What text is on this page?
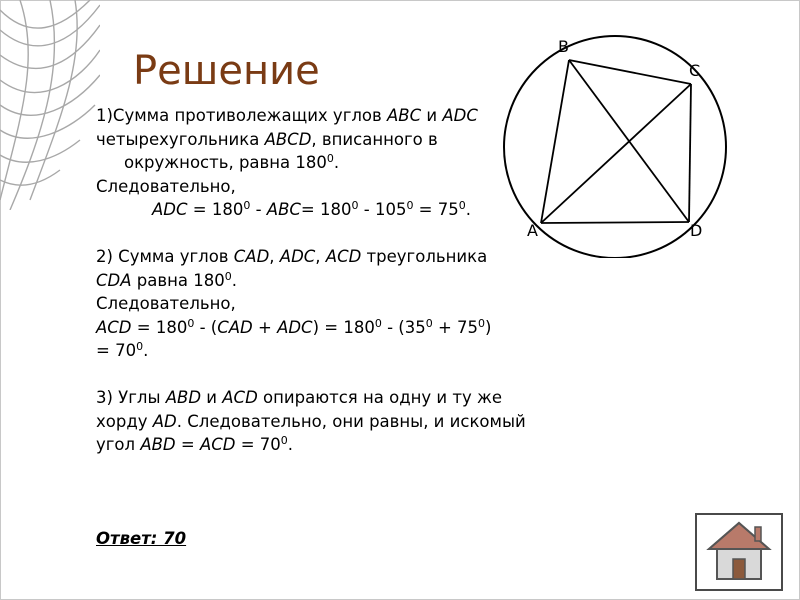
Решение

1)Сумма противолежащих углов ABC и ADC

четырехугольника ABCD, вписанного в

окружность, равна $180^0$.

Следовательно,

ADC = $180^0 - ABC= 180^0 - 105^0 = 75^0$.

2) Сумма углов CAD, ADC, ACD треугольника

CDA равна $180^0$.

Следовательно,

ACD = $180^0 - (CAD + ADC) = 180^0 - (35^0 + 75^0)$

= $70^0$.

3) Углы ABD и ACD опираются на одну и ту же

хорду AD. Следовательно, они равны, и искомый

угол ABD = ACD = $70^0$.

Ответ: 70

B
C
A	D
